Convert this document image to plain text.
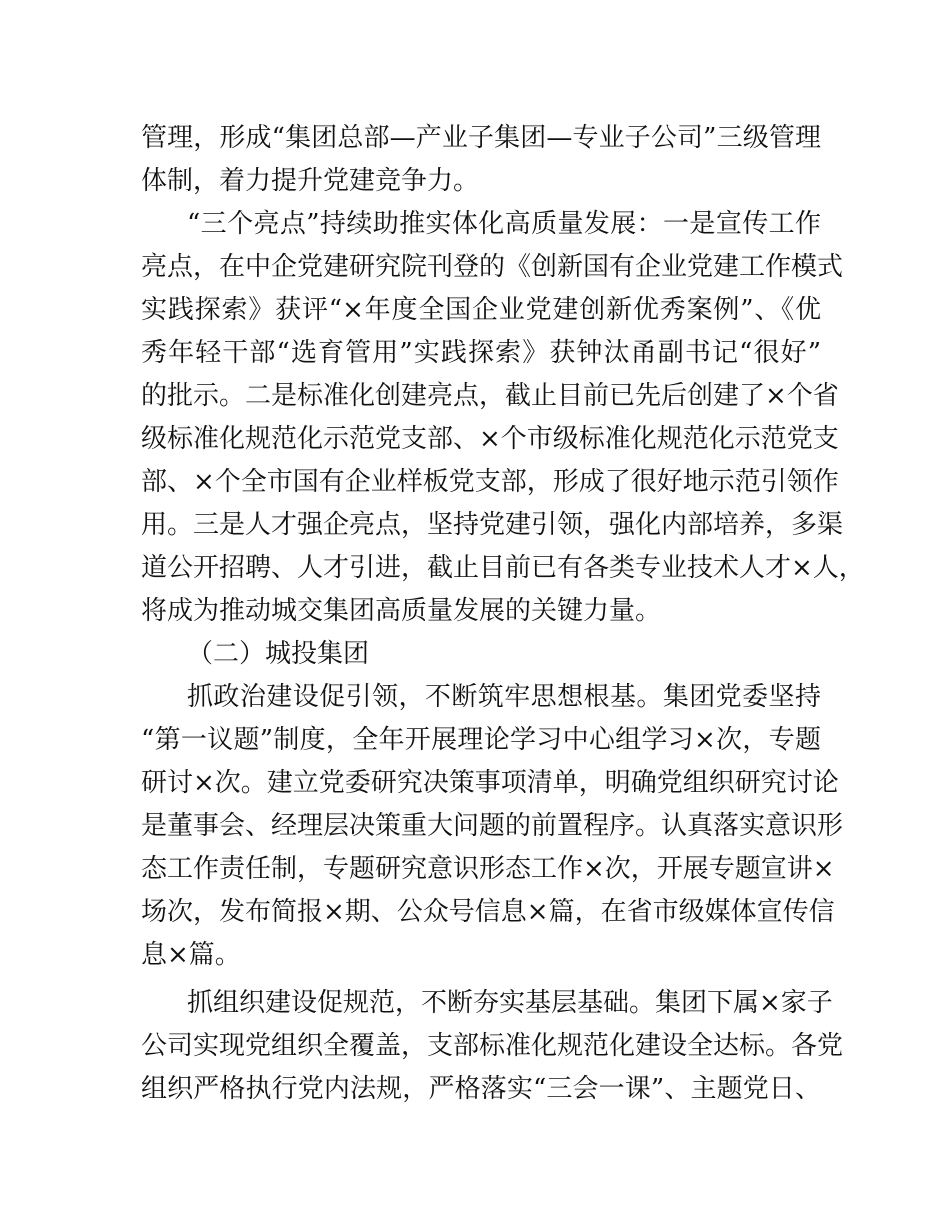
管理，形成“集团总部—产业子集团—专业子公司”三级管理
体制，着力提升党建竞争力。
“三个亮点”持续助推实体化高质量发展：一是宣传工作
亮点，在中企党建研究院刊登的《创新国有企业党建工作模式
实践探索》获评“×年度全国企业党建创新优秀案例”、《优
秀年轻干部“选育管用”实践探索》获钟汰甬副书记“很好”
的批示。二是标准化创建亮点，截止目前已先后创建了×个省
级标准化规范化示范党支部、×个市级标准化规范化示范党支
部、×个全市国有企业样板党支部，形成了很好地示范引领作
用。三是人才强企亮点，坚持党建引领，强化内部培养，多渠
道公开招聘、人才引进，截止目前已有各类专业技术人才×人，
将成为推动城交集团高质量发展的关键力量。
（二）城投集团
抓政治建设促引领，不断筑牢思想根基。集团党委坚持
“第一议题”制度，全年开展理论学习中心组学习×次，专题
研讨×次。建立党委研究决策事项清单，明确党组织研究讨论
是董事会、经理层决策重大问题的前置程序。认真落实意识形
态工作责任制，专题研究意识形态工作×次，开展专题宣讲×
场次，发布简报×期、公众号信息×篇，在省市级媒体宣传信
息×篇。
抓组织建设促规范，不断夯实基层基础。集团下属×家子
公司实现党组织全覆盖，支部标准化规范化建设全达标。各党
组织严格执行党内法规，严格落实“三会一课”、主题党日、
